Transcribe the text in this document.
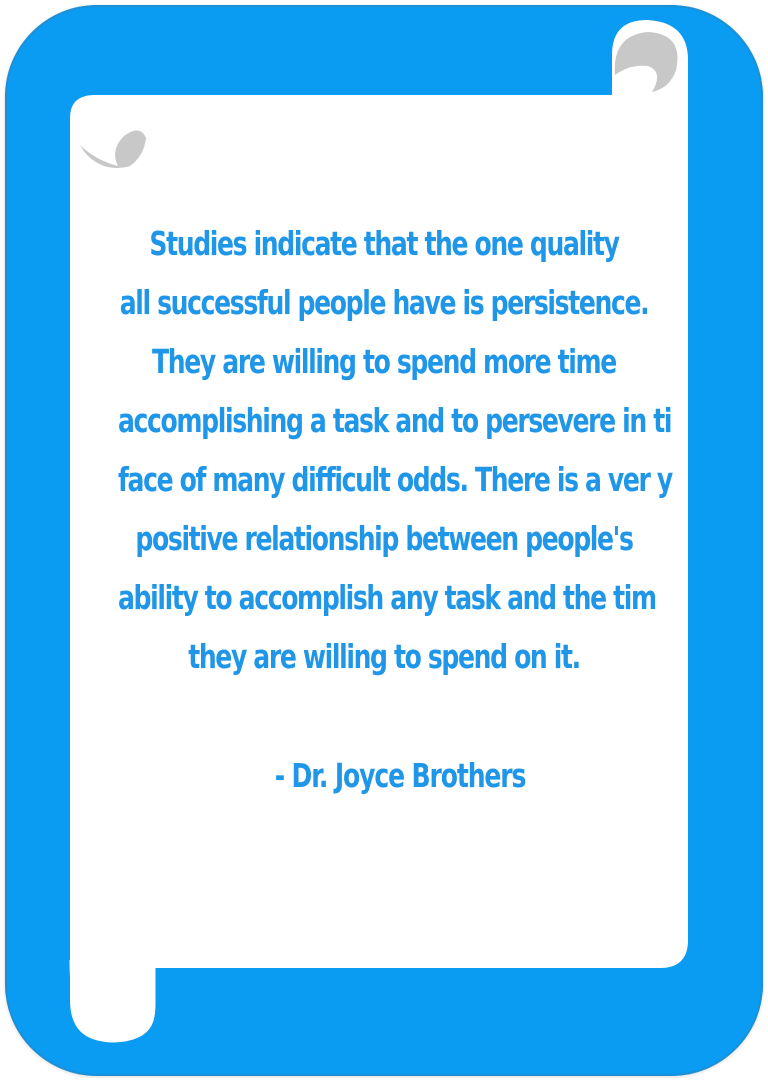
Studies indicate that the one quality
all successful people have is persistence.
They are willing to spend more time
accomplishing a task and to persevere in ti
face of many difficult odds. There is a ver y
positive relationship between people's
ability to accomplish any task and the tim
they are willing to spend on it.

- Dr. Joyce Brothers
